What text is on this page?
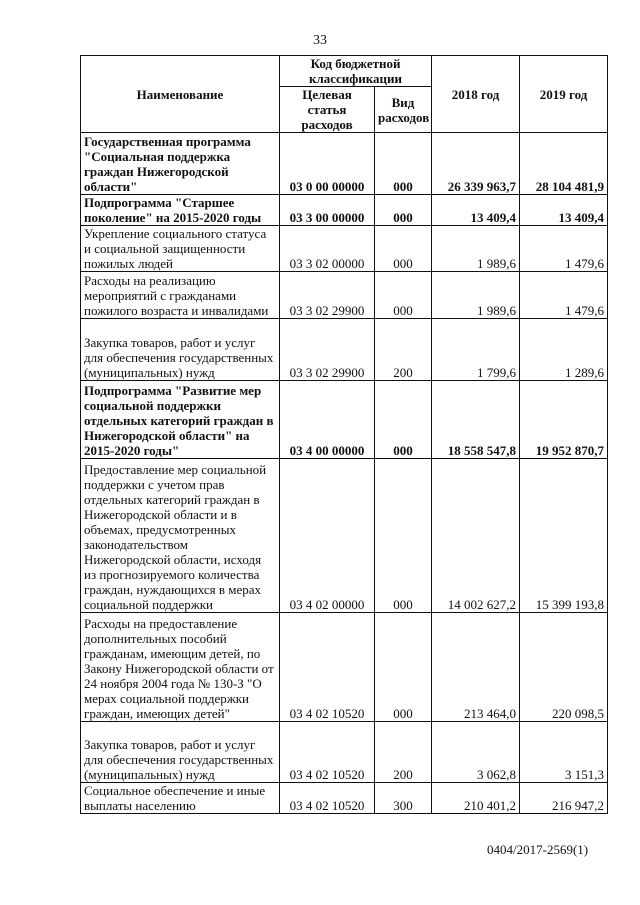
33
Наименование	Код бюджетной классификации		2018 год	2019 год
	Целевая статья расходов	Вид расходов		
Государственная программа "Социальная поддержка граждан Нижегородской области"	03 0 00 00000	000	26 339 963,7	28 104 481,9
Подпрограмма "Старшее поколение" на 2015-2020 годы	03 3 00 00000	000	13 409,4	13 409,4
Укрепление социального статуса и социальной защищенности пожилых людей	03 3 02 00000	000	1 989,6	1 479,6
Расходы на реализацию мероприятий с гражданами пожилого возраста и инвалидами	03 3 02 29900	000	1 989,6	1 479,6
Закупка товаров, работ и услуг для обеспечения государственных (муниципальных) нужд	03 3 02 29900	200	1 799,6	1 289,6
Подпрограмма "Развитие мер социальной поддержки отдельных категорий граждан в Нижегородской области" на 2015-2020 годы"	03 4 00 00000	000	18 558 547,8	19 952 870,7
Предоставление мер социальной поддержки с учетом прав отдельных категорий граждан в Нижегородской области и в объемах, предусмотренных законодательством Нижегородской области, исходя из прогнозируемого количества граждан, нуждающихся в мерах социальной поддержки	03 4 02 00000	000	14 002 627,2	15 399 193,8
Расходы на предоставление дополнительных пособий гражданам, имеющим детей, по Закону Нижегородской области от 24 ноября 2004 года № 130-З "О мерах социальной поддержки граждан, имеющих детей"	03 4 02 10520	000	213 464,0	220 098,5
Закупка товаров, работ и услуг для обеспечения государственных (муниципальных) нужд	03 4 02 10520	200	3 062,8	3 151,3
Социальное обеспечение и иные выплаты населению	03 4 02 10520	300	210 401,2	216 947,2
0404/2017-2569(1)
